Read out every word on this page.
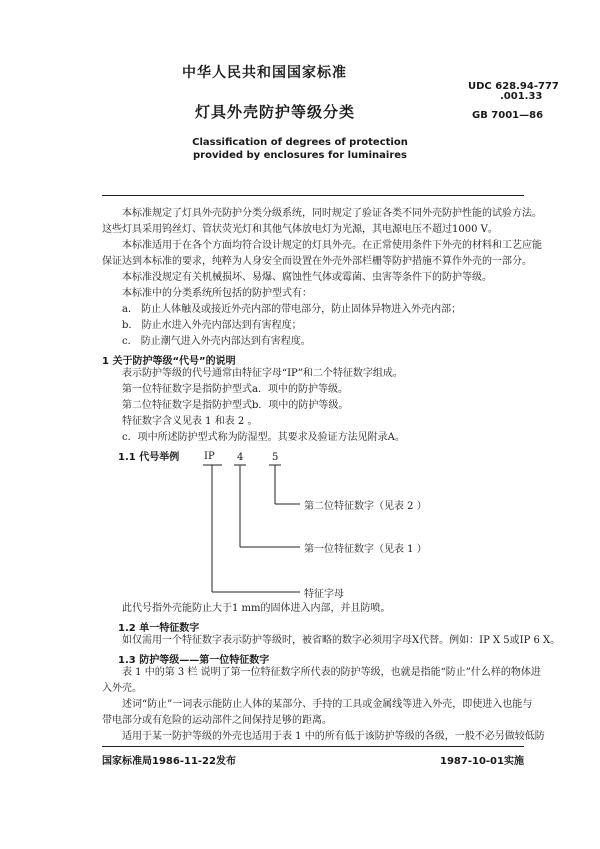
中华人民共和国国家标准
UDC 628.94-777
.001.33
GB 7001—86
灯具外壳防护等级分类
Classification of degrees of protection
provided by enclosures for luminaires
本标准规定了灯具外壳防护分类分级系统，同时规定了验证各类不同外壳防护性能的试验方法。
这些灯具采用钨丝灯、管状荧光灯和其他气体放电灯为光源，其电源电压不超过1000 V。
本标准适用于在各个方面均符合设计规定的灯具外壳。在正常使用条件下外壳的材料和工艺应能
保证达到本标准的要求，纯粹为人身安全而设置在外壳外部栏栅等防护措施不算作外壳的一部分。
本标准没规定有关机械损坏、易爆、腐蚀性气体或霉菌、虫害等条件下的防护等级。
本标准中的分类系统所包括的防护型式有：
a． 防止人体触及或接近外壳内部的带电部分，防止固体异物进入外壳内部；
b． 防止水进入外壳内部达到有害程度；
c． 防止潮气进入外壳内部达到有害程度。
1 关于防护等级“代号”的说明
表示防护等级的代号通常由特征字母“IP”和二个特征数字组成。
第一位特征数字是指防护型式a．项中的防护等级。
第二位特征数字是指防护型式b．项中的防护等级。
特征数字含义见表 1 和表 2 。
c．项中所述防护型式称为防湿型。其要求及验证方法见附录A。
1.1 代号举例 IP 4	5
第二位特征数字（见表 2 ）
第一位特征数字（见表 1 ）
特征字母
此代号指外壳能防止大于1 mm的固体进入内部，并且防喷。
1.2 单一特征数字
如仅需用一个特征数字表示防护等级时，被省略的数字必须用字母X代替。例如：IP X 5或IP 6 X。
1.3 防护等级——第一位特征数字
表 1 中的第 3 栏 说明了第一位特征数字所代表的防护等级，也就是指能“防止”什么样的物体进
入外壳。
述词“防止”一词表示能防止人体的某部分、手持的工具或金属线等进入外壳，即使进入也能与
带电部分或有危险的运动部件之间保持足够的距离。
适用于某一防护等级的外壳也适用于表 1 中的所有低于该防护等级的各级，一般不必另做较低防
国家标准局1986-11-22发布	1987-10-01实施
